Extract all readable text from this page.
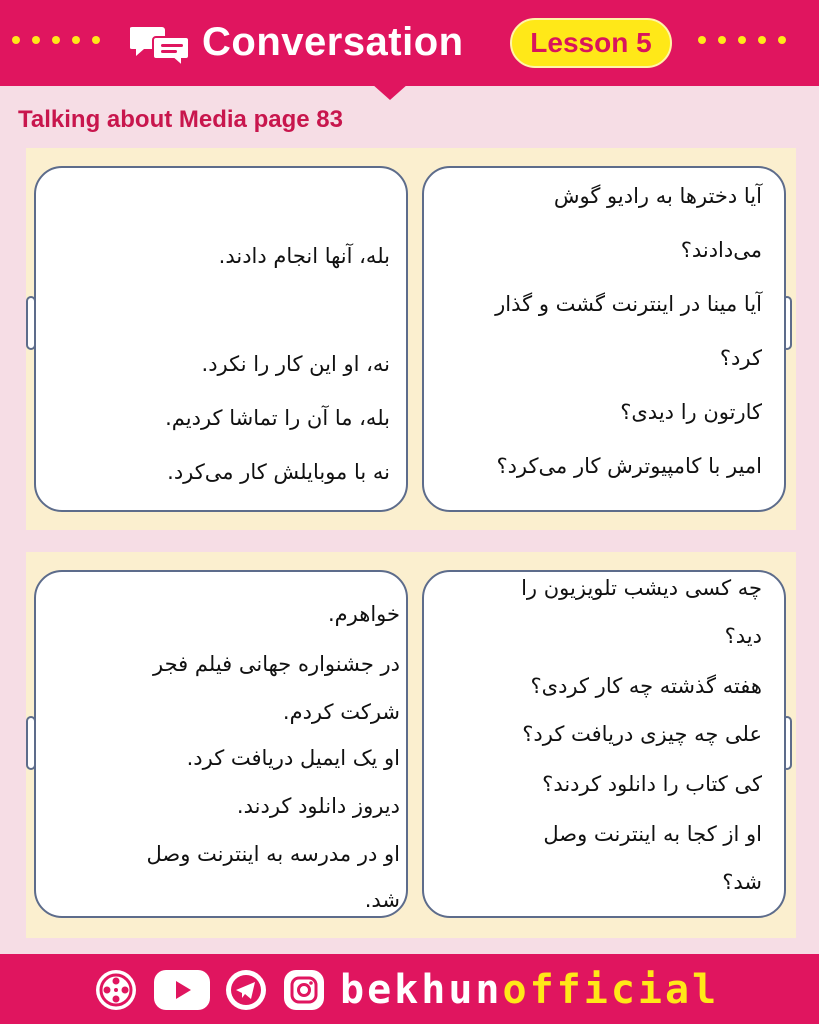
Conversation	Lesson 5
Talking about Media page 83
آیا دخترها به رادیو گوش
می‌دادند؟
آیا مینا در اینترنت گشت و گذار
کرد؟
کارتون را دیدی؟
امیر با کامپیوترش کار می‌کرد؟
بله، آنها انجام دادند.
نه، او این کار را نکرد.
بله، ما آن را تماشا کردیم.
نه با موبایلش کار می‌کرد.
چه کسی دیشب تلویزیون را
دید؟
هفته گذشته چه کار کردی؟
علی چه چیزی دریافت کرد؟
کی کتاب را دانلود کردند؟
او از کجا به اینترنت وصل
شد؟
خواهرم.
در جشنواره جهانی فیلم فجر
شرکت کردم.
او یک ایمیل دریافت کرد.
دیروز دانلود کردند.
او در مدرسه به اینترنت وصل
شد.
bekhunofficial
